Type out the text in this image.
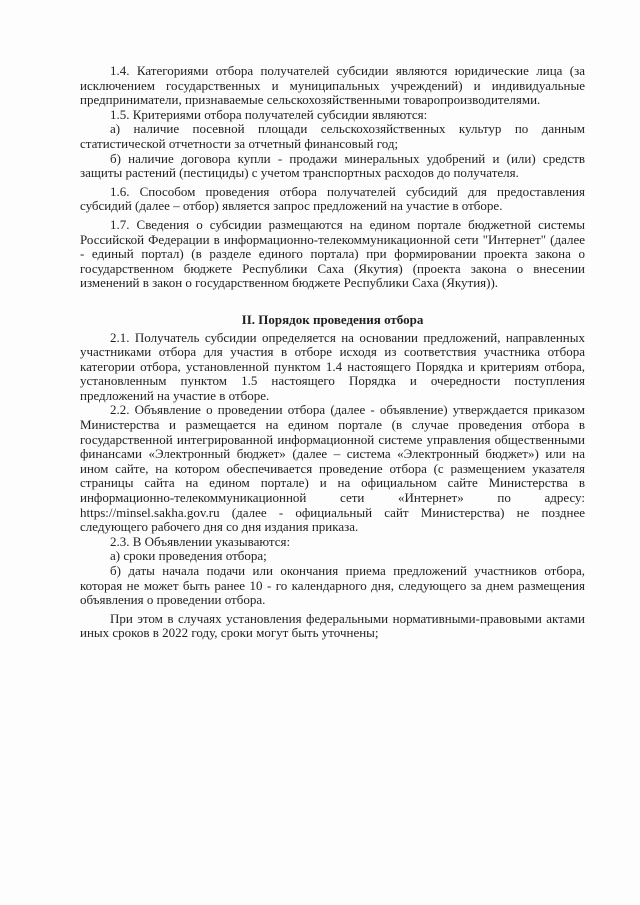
1.4. Категориями отбора получателей субсидии являются юридические лица (за исключением государственных и муниципальных учреждений) и индивидуальные предприниматели, признаваемые сельскохозяйственными товаропроизводителями.

1.5. Критериями отбора получателей субсидии являются:

а) наличие посевной площади сельскохозяйственных культур по данным статистической отчетности за отчетный финансовый год;

б) наличие договора купли - продажи минеральных удобрений и (или) средств защиты растений (пестициды) с учетом транспортных расходов до получателя.

1.6. Способом проведения отбора получателей субсидий для предоставления субсидий (далее – отбор) является запрос предложений на участие в отборе.

1.7. Сведения о субсидии размещаются на едином портале бюджетной системы Российской Федерации в информационно-телекоммуникационной сети "Интернет" (далее - единый портал) (в разделе единого портала) при формировании проекта закона о государственном бюджете Республики Саха (Якутия) (проекта закона о внесении изменений в закон о государственном бюджете Республики Саха (Якутия)).

II. Порядок проведения отбора

2.1. Получатель субсидии определяется на основании предложений, направленных участниками отбора для участия в отборе исходя из соответствия участника отбора категории отбора, установленной пунктом 1.4 настоящего Порядка и критериям отбора, установленным пунктом 1.5 настоящего Порядка и очередности поступления предложений на участие в отборе.

2.2. Объявление о проведении отбора (далее - объявление) утверждается приказом Министерства и размещается на едином портале (в случае проведения отбора в государственной интегрированной информационной системе управления общественными финансами «Электронный бюджет» (далее – система «Электронный бюджет») или на ином сайте, на котором обеспечивается проведение отбора (с размещением указателя страницы сайта на едином портале) и на официальном сайте Министерства в информационно-телекоммуникационной сети «Интернет» по адресу: https://minsel.sakha.gov.ru (далее - официальный сайт Министерства) не позднее следующего рабочего дня со дня издания приказа.

2.3. В Объявлении указываются:

а) сроки проведения отбора;

б) даты начала подачи или окончания приема предложений участников отбора, которая не может быть ранее 10 - го календарного дня, следующего за днем размещения объявления о проведении отбора.

При этом в случаях установления федеральными нормативными-правовыми актами иных сроков в 2022 году, сроки могут быть уточнены;
